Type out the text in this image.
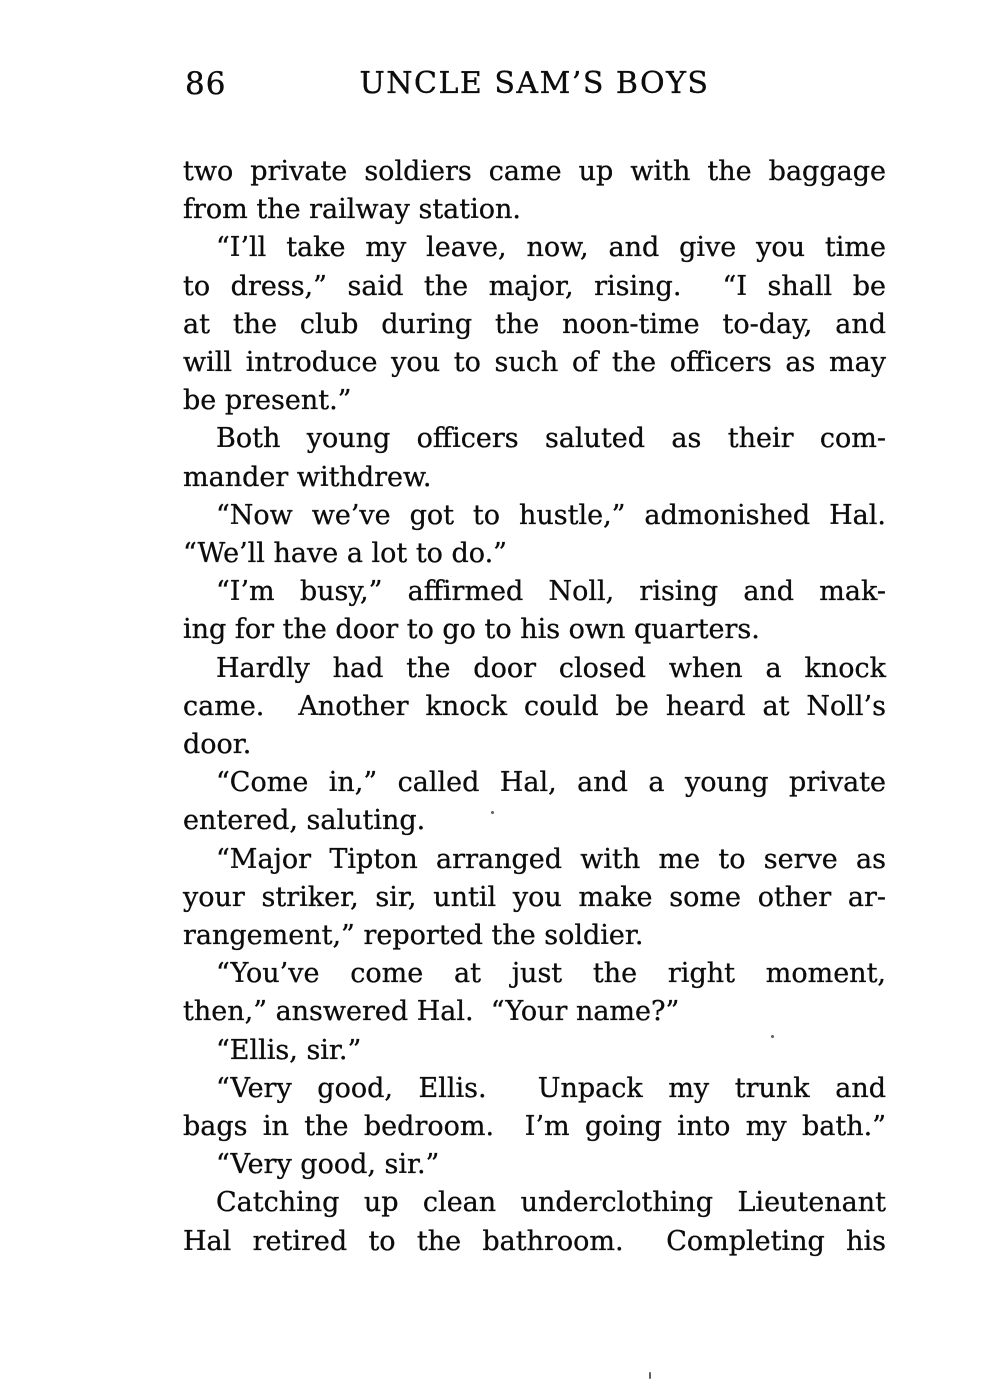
86	UNCLE SAM’S BOYS
two private soldiers came up with the baggage
from the railway station.
“I’ll take my leave, now, and give you time
to dress,” said the major, rising.  “I shall be
at the club during the noon-time to-day, and
will introduce you to such of the officers as may
be present.”
Both young officers saluted as their com-
mander withdrew.
“Now we’ve got to hustle,” admonished Hal.
“We’ll have a lot to do.”
“I’m busy,” affirmed Noll, rising and mak-
ing for the door to go to his own quarters.
Hardly had the door closed when a knock
came.  Another knock could be heard at Noll’s
door.
“Come in,” called Hal, and a young private
entered, saluting.
“Major Tipton arranged with me to serve as
your striker, sir, until you make some other ar-
rangement,” reported the soldier.
“You’ve come at just the right moment,
then,” answered Hal.  “Your name?”
“Ellis, sir.”
“Very good, Ellis.  Unpack my trunk and
bags in the bedroom.  I’m going into my bath.”
“Very good, sir.”
Catching up clean underclothing Lieutenant
Hal retired to the bathroom.  Completing his
